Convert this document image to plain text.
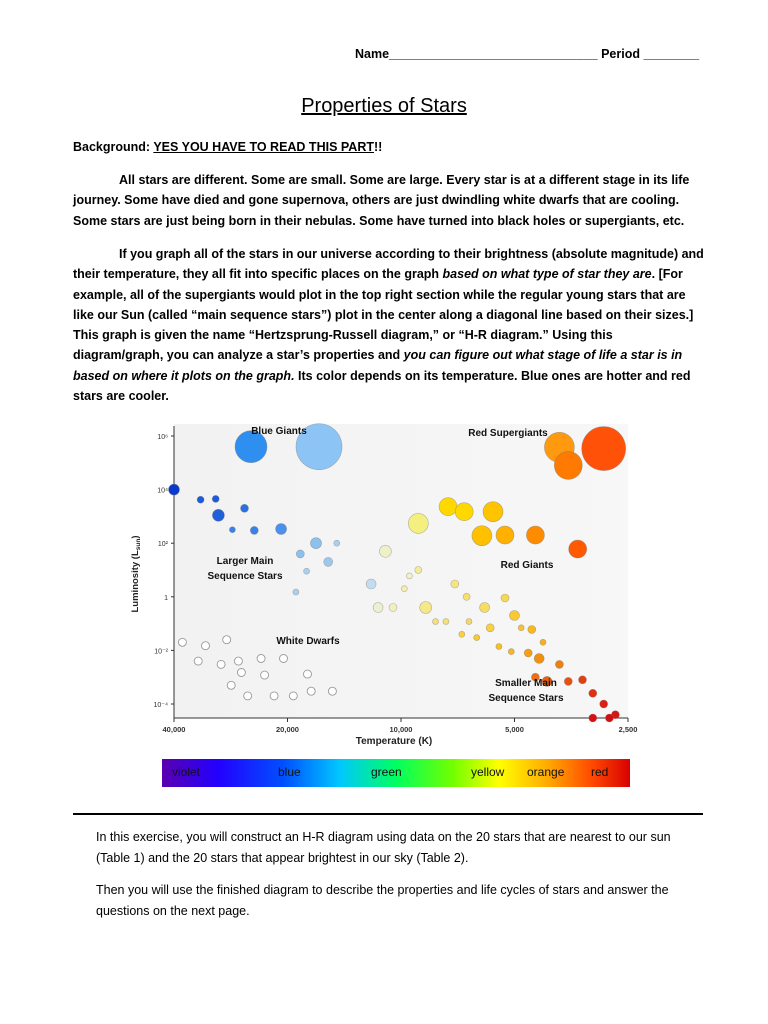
Name______________________________ Period ________
Properties of Stars
Background: YES YOU HAVE TO READ THIS PART!!

All stars are different. Some are small. Some are large. Every star is at a different stage in its life journey. Some have died and gone supernova, others are just dwindling white dwarfs that are cooling. Some stars are just being born in their nebulas. Some have turned into black holes or supergiants, etc.

If you graph all of the stars in our universe according to their brightness (absolute magnitude) and their temperature, they all fit into specific places on the graph based on what type of star they are. [For example, all of the supergiants would plot in the top right section while the regular young stars that are like our Sun (called “main sequence stars”) plot in the center along a diagonal line based on their sizes.] This graph is given the name “Hertzsprung-Russell diagram,” or “H-R diagram.” Using this diagram/graph, you can analyze a star’s properties and you can figure out what stage of life a star is in based on where it plots on the graph. Its color depends on its temperature. Blue ones are hotter and red stars are cooler.

10⁶
10⁴
10²
1
10⁻²
10⁻⁴
40,000	20,000	10,000	5,000	2,500
Blue Giants	Red Supergiants
Red Giants
Larger Main
Sequence Stars
White Dwarfs
Smaller Main
Sequence Stars
Temperature (K)
Luminosity $(L_{sun})$
violet	blue	green	yellow orange red

In this exercise, you will construct an H-R diagram using data on the 20 stars that are nearest to our sun (Table 1) and the 20 stars that appear brightest in our sky (Table 2).

Then you will use the finished diagram to describe the properties and life cycles of stars and answer the questions on the next page.
